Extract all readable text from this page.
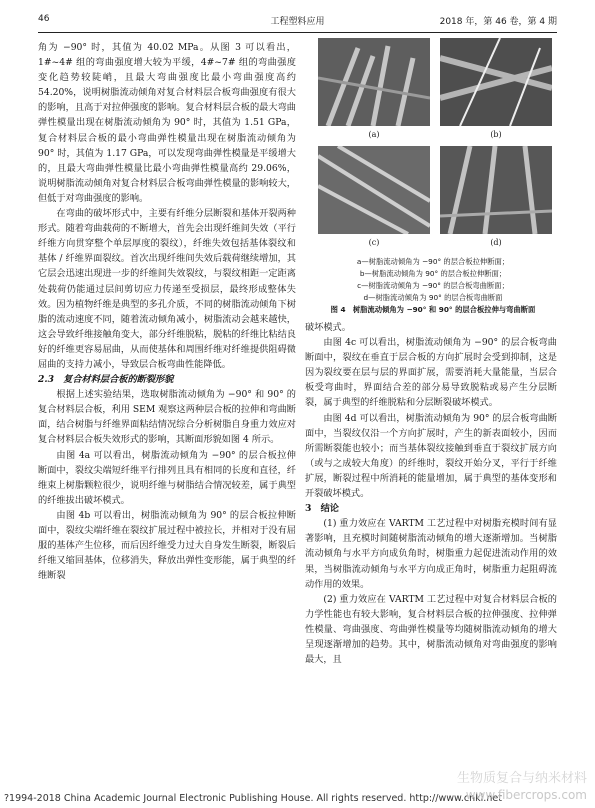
46	工程塑料应用	2018 年，第 46 卷，第 4 期

角为 −90° 时，其值为 40.02 MPa。从图 3 可以看出，1#~4# 组的弯曲强度增大较为平缓，4#~7# 组的弯曲强度变化趋势较陡峭，且最大弯曲强度比最小弯曲强度高约 54.20%，说明树脂流动倾角对复合材料层合板弯曲强度有很大的影响，且高于对拉伸强度的影响。复合材料层合板的最大弯曲弹性模量出现在树脂流动倾角为 90° 时，其值为 1.51 GPa，复合材料层合板的最小弯曲弹性模量出现在树脂流动倾角为 90° 时，其值为 1.17 GPa，可以发现弯曲弹性模量是平缓增大的，且最大弯曲弹性模量比最小弯曲弹性模量高约 29.06%，说明树脂流动倾角对复合材料层合板弯曲弹性模量的影响较大，但低于对弯曲强度的影响。

在弯曲的破坏形式中，主要有纤维分层断裂和基体开裂两种形式。随着弯曲载荷的不断增大，首先会出现纤维间失效（平行纤维方向贯穿整个单层厚度的裂纹），纤维失效包括基体裂纹和基体 / 纤维界面裂纹。首次出现纤维间失效后载荷继续增加，其它层会迅速出现进一步的纤维间失效裂纹，与裂纹相距一定距离处载荷仍能通过层间剪切应力传递至受损层，最终形成整体失效。因为植物纤维是典型的多孔介质，不同的树脂流动倾角下树脂的流动速度不同，随着流动倾角减小，树脂流动会越来越快，这会导致纤维接触角变大，部分纤维脱粘，脱粘的纤维比粘结良好的纤维更容易屈曲，从而使基体和周围纤维对纤维提供阻碍微屈曲的支持力减小，导致层合板弯曲性能降低。

2.3　复合材料层合板的断裂形貌

根据上述实验结果，选取树脂流动倾角为 −90° 和 90° 的复合材料层合板，利用 SEM 观察这两种层合板的拉伸和弯曲断面，结合树脂与纤维界面粘结情况综合分析树脂自身重力效应对复合材料层合板失效形式的影响，其断面形貌如图 4 所示。

由图 4a 可以看出，树脂流动倾角为 −90° 的层合板拉伸断面中，裂纹尖端短纤维平行排列且具有相同的长度和直径，纤维束上树脂颗粒很少，说明纤维与树脂结合情况较差，属于典型的纤维拔出破坏模式。

由图 4b 可以看出，树脂流动倾角为 90° 的层合板拉伸断面中，裂纹尖端纤维在裂纹扩展过程中被拉长，并相对于没有屈服的基体产生位移，而后因纤维受力过大自身发生断裂，断裂后纤维又缩回基体，位移消失，释放出弹性变形能，属于典型的纤维断裂

(a)	(b)
(c)	(d)
a—树脂流动倾角为 −90° 的层合板拉伸断面；
b—树脂流动倾角为 90° 的层合板拉伸断面；
c—树脂流动倾角为 −90° 的层合板弯曲断面；
d—树脂流动倾角为 90° 的层合板弯曲断面
图 4　树脂流动倾角为 −90° 和 90° 的层合板拉伸与弯曲断面

破坏模式。

由图 4c 可以看出，树脂流动倾角为 −90° 的层合板弯曲断面中，裂纹在垂直于层合板的方向扩展时会受到抑制，这是因为裂纹要在层与层的界面扩展，需要消耗大量能量，当层合板受弯曲时，界面结合差的部分易导致脱粘或易产生分层断裂，属于典型的纤维脱粘和分层断裂破坏模式。

由图 4d 可以看出，树脂流动倾角为 90° 的层合板弯曲断面中，当裂纹仅沿一个方向扩展时，产生的新表面较小，因而所需断裂能也较小；而当基体裂纹接触到垂直于裂纹扩展方向（或与之成较大角度）的纤维时，裂纹开始分叉，平行于纤维扩展，断裂过程中所消耗的能量增加，属于典型的基体变形和开裂破坏模式。

3　结论

(1) 重力效应在 VARTM 工艺过程中对树脂充模时间有显著影响，且充模时间随树脂流动倾角的增大逐渐增加。当树脂流动倾角与水平方向成负角时，树脂重力起促进流动作用的效果，当树脂流动倾角与水平方向成正角时，树脂重力起阻碍流动作用的效果。

(2) 重力效应在 VARTM 工艺过程中对复合材料层合板的力学性能也有较大影响，复合材料层合板的拉伸强度、拉伸弹性模量、弯曲强度、弯曲弹性模量等均随树脂流动倾角的增大呈现逐渐增加的趋势。其中，树脂流动倾角对弯曲强度的影响最大，且

?1994-2018 China Academic Journal Electronic Publishing House. All rights reserved. http://www.cnki.net
生物质复合与纳米材料
www.fibercrops.com
